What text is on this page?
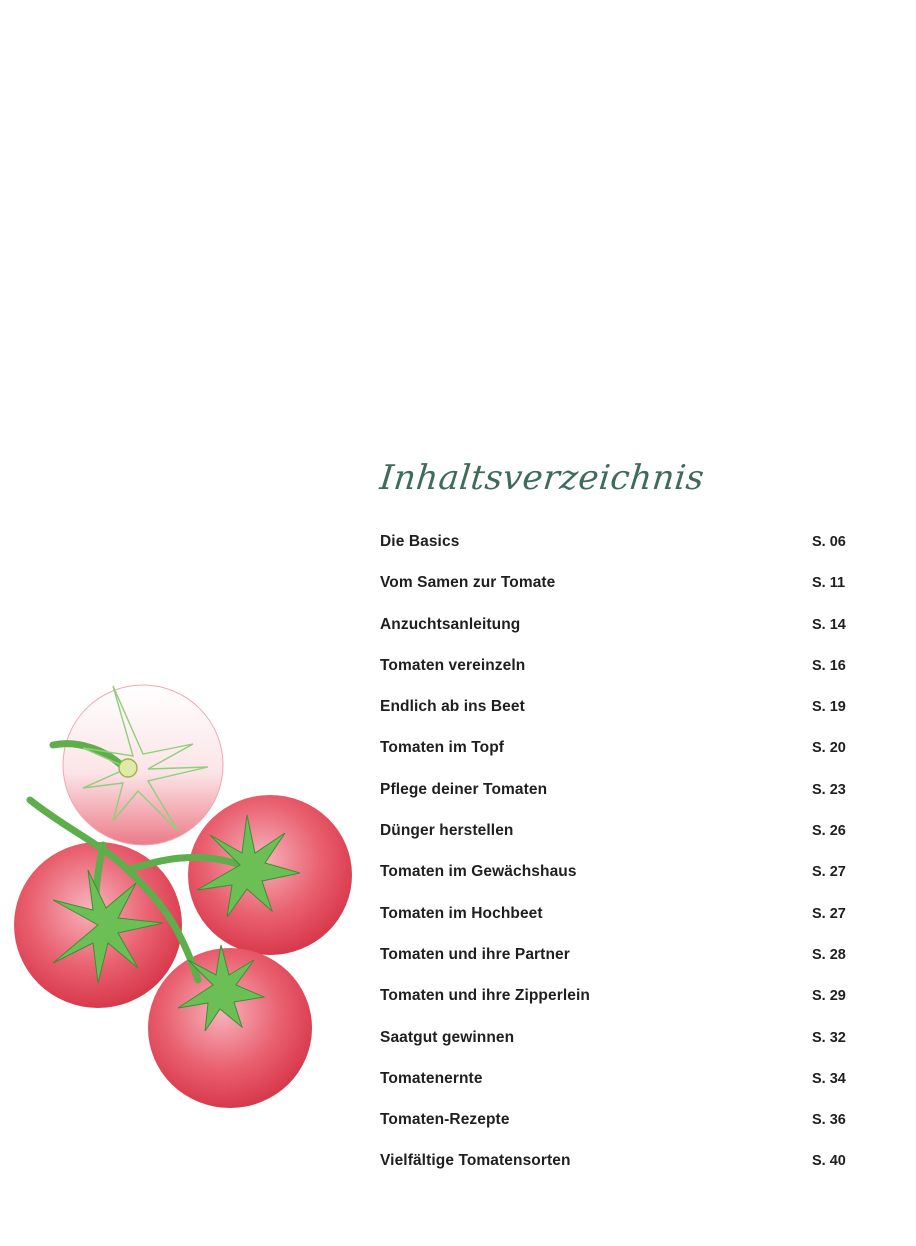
Inhaltsverzeichnis
Die Basics	S. 06
Vom Samen zur Tomate	S. 11
Anzuchtsanleitung	S. 14
Tomaten vereinzeln	S. 16
Endlich ab ins Beet	S. 19
Tomaten im Topf	S. 20
Pflege deiner Tomaten	S. 23
Dünger herstellen	S. 26
Tomaten im Gewächshaus	S. 27
Tomaten im Hochbeet	S. 27
Tomaten und ihre Partner	S. 28
Tomaten und ihre Zipperlein	S. 29
Saatgut gewinnen	S. 32
Tomatenernte	S. 34
Tomaten-Rezepte	S. 36
Vielfältige Tomatensorten	S. 40
